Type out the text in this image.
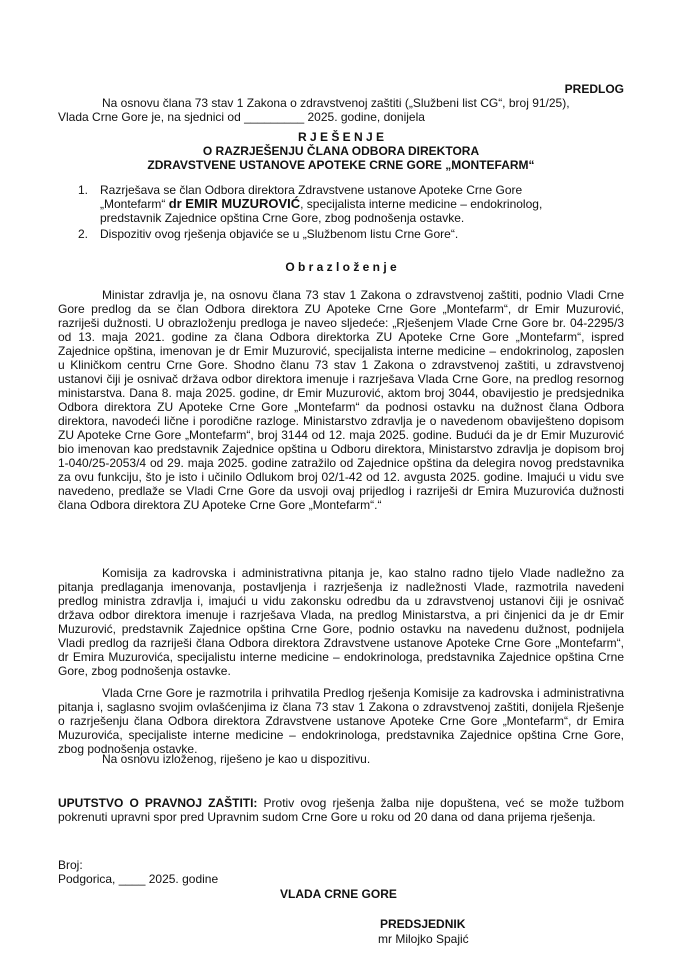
PREDLOG

Na osnovu člana 73 stav 1 Zakona o zdravstvenoj zaštiti („Službeni list CG“, broj 91/25),

Vlada Crne Gore je, na sjednici od _________ 2025. godine, donijela

R J E Š E N J E

O RAZRJEŠENJU ČLANA ODBORA DIREKTORA

ZDRAVSTVENE USTANOVE APOTEKE CRNE GORE „MONTEFARM“

1. Razrješava se član Odbora direktora Zdravstvene ustanove Apoteke Crne Gore

„Montefarm“ dr EMIR MUZUROVIĆ, specijalista interne medicine – endokrinolog,

predstavnik Zajednice opština Crne Gore, zbog podnošenja ostavke.

2. Dispozitiv ovog rješenja objaviće se u „Službenom listu Crne Gore“.

O b r a z l o ž e n j e

Ministar zdravlja je, na osnovu člana 73 stav 1 Zakona o zdravstvenoj zaštiti, podnio Vladi Crne Gore predlog da se član Odbora direktora ZU Apoteke Crne Gore „Montefarm“, dr Emir Muzurović, razriješi dužnosti. U obrazloženju predloga je naveo sljedeće: „Rješenjem Vlade Crne Gore br. 04-2295/3 od 13. maja 2021. godine za člana Odbora direktorka ZU Apoteke Crne Gore „Montefarm“, ispred Zajednice opština, imenovan je dr Emir Muzurović, specijalista interne medicine – endokrinolog, zaposlen u Kliničkom centru Crne Gore. Shodno članu 73 stav 1 Zakona o zdravstvenoj zaštiti, u zdravstvenoj ustanovi čiji je osnivač država odbor direktora imenuje i razrješava Vlada Crne Gore, na predlog resornog ministarstva. Dana 8. maja 2025. godine, dr Emir Muzurović, aktom broj 3044, obavijestio je predsjednika Odbora direktora ZU Apoteke Crne Gore „Montefarm“ da podnosi ostavku na dužnost člana Odbora direktora, navodeći lične i porodične razloge. Ministarstvo zdravlja je o navedenom obaviješteno dopisom ZU Apoteke Crne Gore „Montefarm“, broj 3144 od 12. maja 2025. godine. Budući da je dr Emir Muzurović bio imenovan kao predstavnik Zajednice opština u Odboru direktora, Ministarstvo zdravlja je dopisom broj 1-040/25-2053/4 od 29. maja 2025. godine zatražilo od Zajednice opština da delegira novog predstavnika za ovu funkciju, što je isto i učinilo Odlukom broj 02/1-42 od 12. avgusta 2025. godine. Imajući u vidu sve navedeno, predlaže se Vladi Crne Gore da usvoji ovaj prijedlog i razriješi dr Emira Muzurovića dužnosti člana Odbora direktora ZU Apoteke Crne Gore „Montefarm“.“

Komisija za kadrovska i administrativna pitanja je, kao stalno radno tijelo Vlade nadležno za pitanja predlaganja imenovanja, postavljenja i razrješenja iz nadležnosti Vlade, razmotrila navedeni predlog ministra zdravlja i, imajući u vidu zakonsku odredbu da u zdravstvenoj ustanovi čiji je osnivač država odbor direktora imenuje i razrješava Vlada, na predlog Ministarstva, a pri činjenici da je dr Emir Muzurović, predstavnik Zajednice opština Crne Gore, podnio ostavku na navedenu dužnost, podnijela Vladi predlog da razriješi člana Odbora direktora Zdravstvene ustanove Apoteke Crne Gore „Montefarm“, dr Emira Muzurovića, specijalistu interne medicine – endokrinologa, predstavnika Zajednice opština Crne Gore, zbog podnošenja ostavke.

Vlada Crne Gore je razmotrila i prihvatila Predlog rješenja Komisije za kadrovska i administrativna pitanja i, saglasno svojim ovlašćenjima iz člana 73 stav 1 Zakona o zdravstvenoj zaštiti, donijela Rješenje o razrješenju člana Odbora direktora Zdravstvene ustanove Apoteke Crne Gore „Montefarm“, dr Emira Muzurovića, specijaliste interne medicine – endokrinologa, predstavnika Zajednice opština Crne Gore, zbog podnošenja ostavke.

Na osnovu izloženog, riješeno je kao u dispozitivu.

UPUTSTVO O PRAVNOJ ZAŠTITI: Protiv ovog rješenja žalba nije dopuštena, već se može tužbom pokrenuti upravni spor pred Upravnim sudom Crne Gore u roku od 20 dana od dana prijema rješenja.

Broj:

Podgorica, ____ 2025. godine

VLADA CRNE GORE

PREDSJEDNIK

mr Milojko Spajić
